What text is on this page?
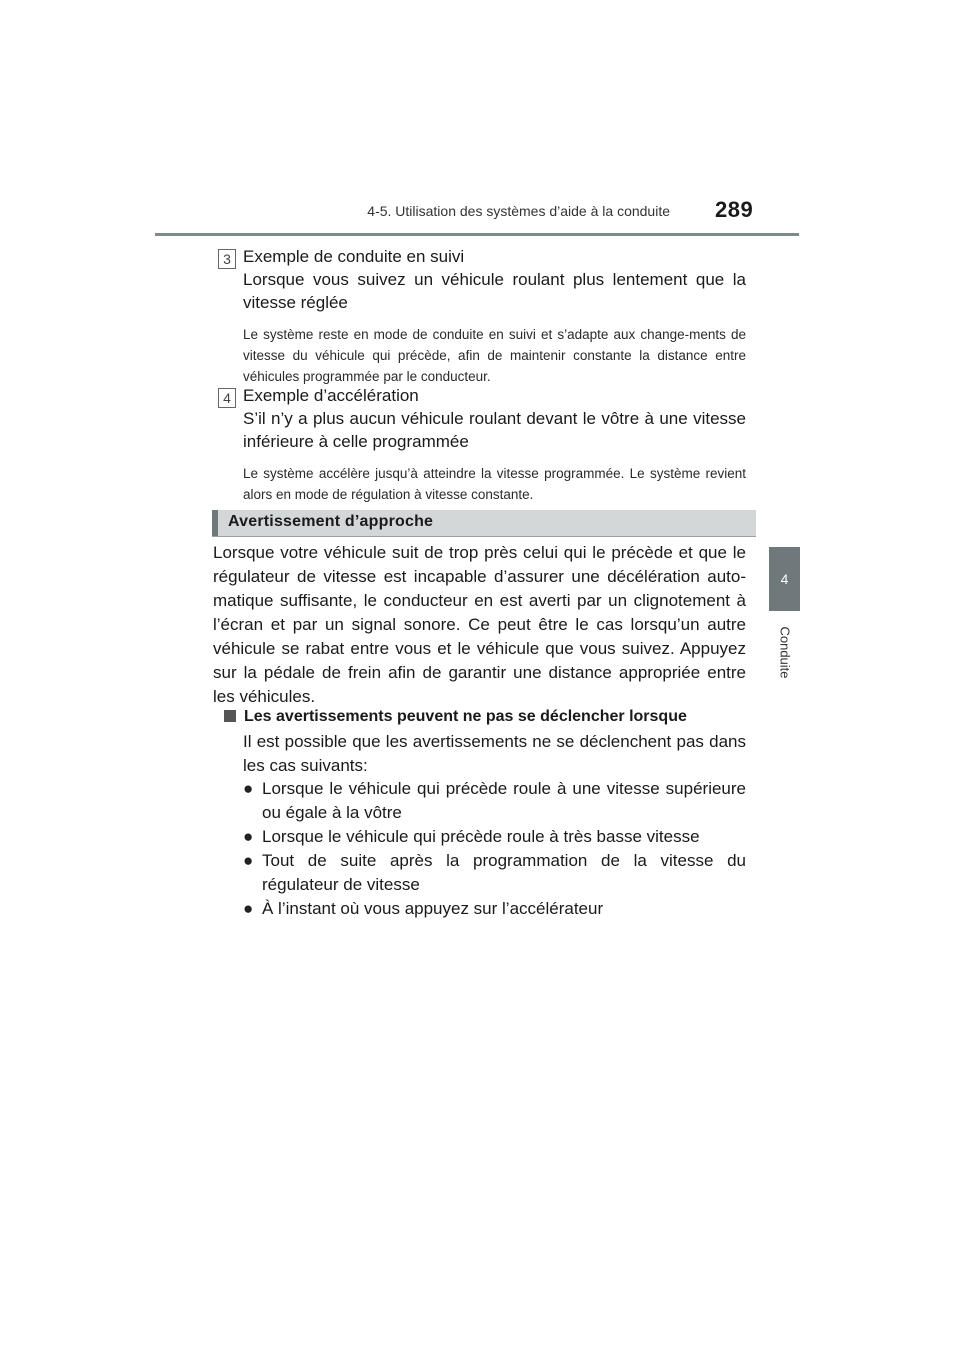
4-5. Utilisation des systèmes d’aide à la conduite 289
4
Conduite
3 Exemple de conduite en suivi
Lorsque vous suivez un véhicule roulant plus lentement que la vitesse réglée
Le système reste en mode de conduite en suivi et s’adapte aux change-ments de vitesse du véhicule qui précède, afin de maintenir constante la distance entre véhicules programmée par le conducteur.
4 Exemple d’accélération
S’il n’y a plus aucun véhicule roulant devant le vôtre à une vitesse inférieure à celle programmée
Le système accélère jusqu’à atteindre la vitesse programmée. Le système revient alors en mode de régulation à vitesse constante.
Avertissement d’approche
Lorsque votre véhicule suit de trop près celui qui le précède et que le régulateur de vitesse est incapable d’assurer une décélération auto-matique suffisante, le conducteur en est averti par un clignotement à l’écran et par un signal sonore. Ce peut être le cas lorsqu’un autre véhicule se rabat entre vous et le véhicule que vous suivez. Appuyez sur la pédale de frein afin de garantir une distance appropriée entre les véhicules.
Les avertissements peuvent ne pas se déclencher lorsque
Il est possible que les avertissements ne se déclenchent pas dans les cas suivants:
● Lorsque le véhicule qui précède roule à une vitesse supérieure ou égale à la vôtre
● Lorsque le véhicule qui précède roule à très basse vitesse
● Tout de suite après la programmation de la vitesse du régulateur de vitesse
● À l’instant où vous appuyez sur l’accélérateur
